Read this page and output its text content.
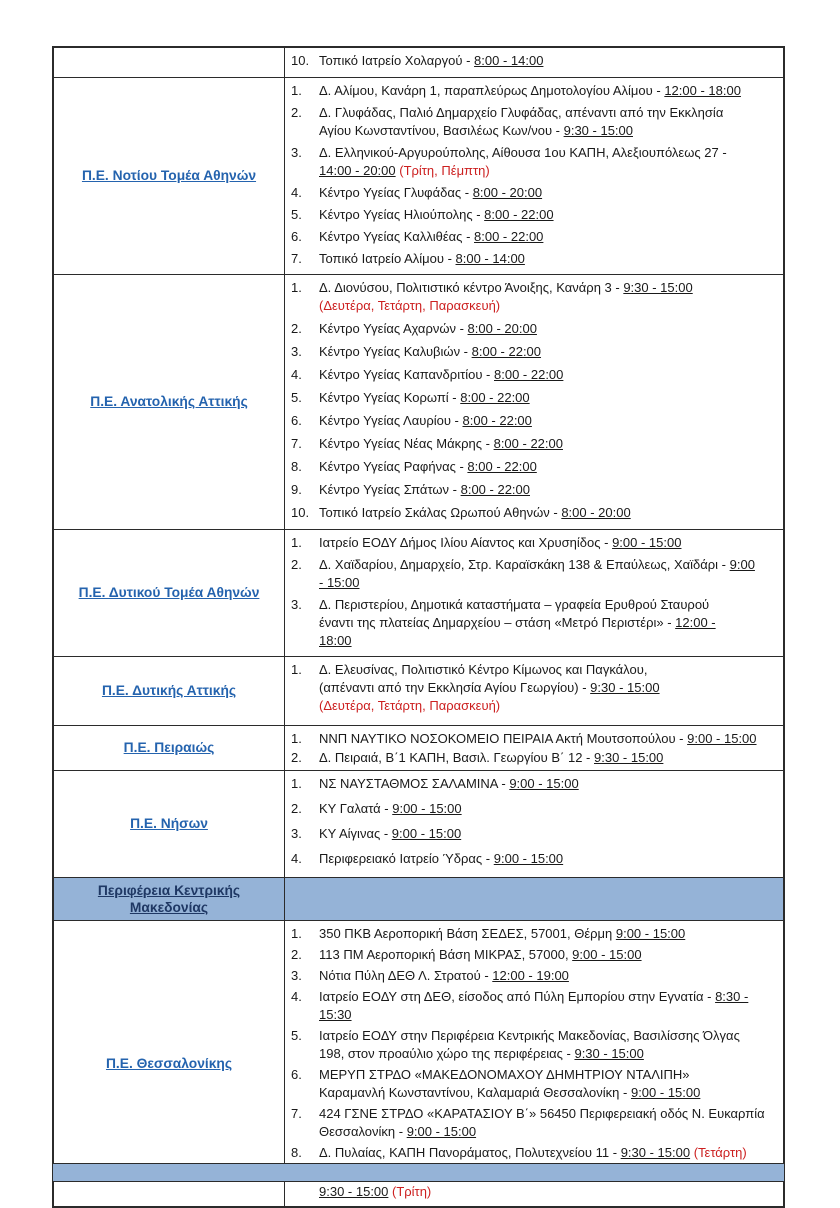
	10. Τοπικό Ιατρείο Χολαργού - 8:00 - 14:00

Π.Ε. Νοτίου Τομέα Αθηνών	
1.	Δ. Αλίμου, Κανάρη 1, παραπλεύρως Δημοτολογίου Αλίμου - 12:00 - 18:00
2.	Δ. Γλυφάδας, Παλιό Δημαρχείο Γλυφάδας, απέναντι από την Εκκλησία
Αγίου Κωνσταντίνου, Βασιλέως Κων/νου - 9:30 - 15:00
3.	Δ. Ελληνικού-Αργυρούπολης, Αίθουσα 1ου ΚΑΠΗ, Αλεξιουπόλεως 27 -
14:00 - 20:00 (Τρίτη, Πέμπτη)
4.	Κέντρο Υγείας Γλυφάδας - 8:00 - 20:00
5.	Κέντρο Υγείας Ηλιούπολης - 8:00 - 22:00
6.	Κέντρο Υγείας Καλλιθέας - 8:00 - 22:00
7.	Τοπικό Ιατρείο Αλίμου - 8:00 - 14:00

Π.Ε. Ανατολικής Αττικής	
1.	Δ. Διονύσου, Πολιτιστικό κέντρο Άνοιξης, Κανάρη 3 - 9:30 - 15:00
(Δευτέρα, Τετάρτη, Παρασκευή)
2.	Κέντρο Υγείας Αχαρνών - 8:00 - 20:00
3.	Κέντρο Υγείας Καλυβιών - 8:00 - 22:00
4.	Κέντρο Υγείας Καπανδριτίου - 8:00 - 22:00
5.	Κέντρο Υγείας Κορωπί - 8:00 - 22:00
6.	Κέντρο Υγείας Λαυρίου - 8:00 - 22:00
7.	Κέντρο Υγείας Νέας Μάκρης - 8:00 - 22:00
8.	Κέντρο Υγείας Ραφήνας - 8:00 - 22:00
9.	Κέντρο Υγείας Σπάτων - 8:00 - 22:00
10. Τοπικό Ιατρείο Σκάλας Ωρωπού Αθηνών - 8:00 - 20:00

Π.Ε. Δυτικού Τομέα Αθηνών	
1.	Ιατρείο ΕΟΔΥ Δήμος Ιλίου Αίαντος και Χρυσηίδος - 9:00 - 15:00
2.	Δ. Χαϊδαρίου, Δημαρχείο, Στρ. Καραϊσκάκη 138 & Επαύλεως, Χαϊδάρι - 9:00
- 15:00
3.	Δ. Περιστερίου, Δημοτικά καταστήματα – γραφεία Ερυθρού Σταυρού
έναντι της πλατείας Δημαρχείου – στάση «Μετρό Περιστέρι» - 12:00 -
18:00

Π.Ε. Δυτικής Αττικής	1. Δ. Ελευσίνας, Πολιτιστικό Κέντρο Κίμωνος και Παγκάλου,
(απέναντι από την Εκκλησία Αγίου Γεωργίου) - 9:30 - 15:00
(Δευτέρα, Τετάρτη, Παρασκευή)

Π.Ε. Πειραιώς	1. ΝΝΠ ΝΑΥΤΙΚΟ ΝΟΣΟΚΟΜΕΙΟ ΠΕΙΡΑΙΑ Ακτή Μουτσοπούλου - 9:00 - 15:00
2. Δ. Πειραιά, Β΄1 ΚΑΠΗ, Βασιλ. Γεωργίου Β΄ 12 - 9:30 - 15:00

Π.Ε. Νήσων	
1.	ΝΣ ΝΑΥΣΤΑΘΜΟΣ ΣΑΛΑΜΙΝΑ - 9:00 - 15:00
2.	ΚΥ Γαλατά - 9:00 - 15:00
3.	ΚΥ Αίγινας - 9:00 - 15:00
4.	Περιφερειακό Ιατρείο Ύδρας - 9:00 - 15:00

Περιφέρεια Κεντρικής Μακεδονίας	
Π.Ε. Θεσσαλονίκης	
1.	350 ΠΚΒ Αεροπορική Βάση ΣΕΔΕΣ, 57001, Θέρμη 9:00 - 15:00
2.	113 ΠΜ Αεροπορική Βάση ΜΙΚΡΑΣ, 57000, 9:00 - 15:00
3.	Νότια Πύλη ΔΕΘ Λ. Στρατού - 12:00 - 19:00
4.	Ιατρείο ΕΟΔΥ στη ΔΕΘ, είσοδος από Πύλη Εμπορίου στην Εγνατία - 8:30 -
15:30
5.	Ιατρείο ΕΟΔΥ στην Περιφέρεια Κεντρικής Μακεδονίας, Βασιλίσσης Όλγας
198, στον προαύλιο χώρο της περιφέρειας - 9:30 - 15:00
6.	ΜΕΡΥΠ ΣΤΡΔΟ «ΜΑΚΕΔΟΝΟΜΑΧΟΥ ΔΗΜΗΤΡΙΟΥ ΝΤΑΛΙΠΗ»
Καραμανλή Κωνσταντίνου, Καλαμαριά Θεσσαλονίκη - 9:00 - 15:00
7.	424 ΓΣΝΕ ΣΤΡΔΟ «ΚΑΡΑΤΑΣΙΟΥ Β΄» 56450 Περιφερειακή οδός Ν. Ευκαρπία
Θεσσαλονίκη - 9:00 - 15:00
8.	Δ. Πυλαίας, ΚΑΠΗ Πανοράματος, Πολυτεχνείου 11 - 9:30 - 15:00 (Τετάρτη)

9:30 - 15:00 (Τρίτη)
